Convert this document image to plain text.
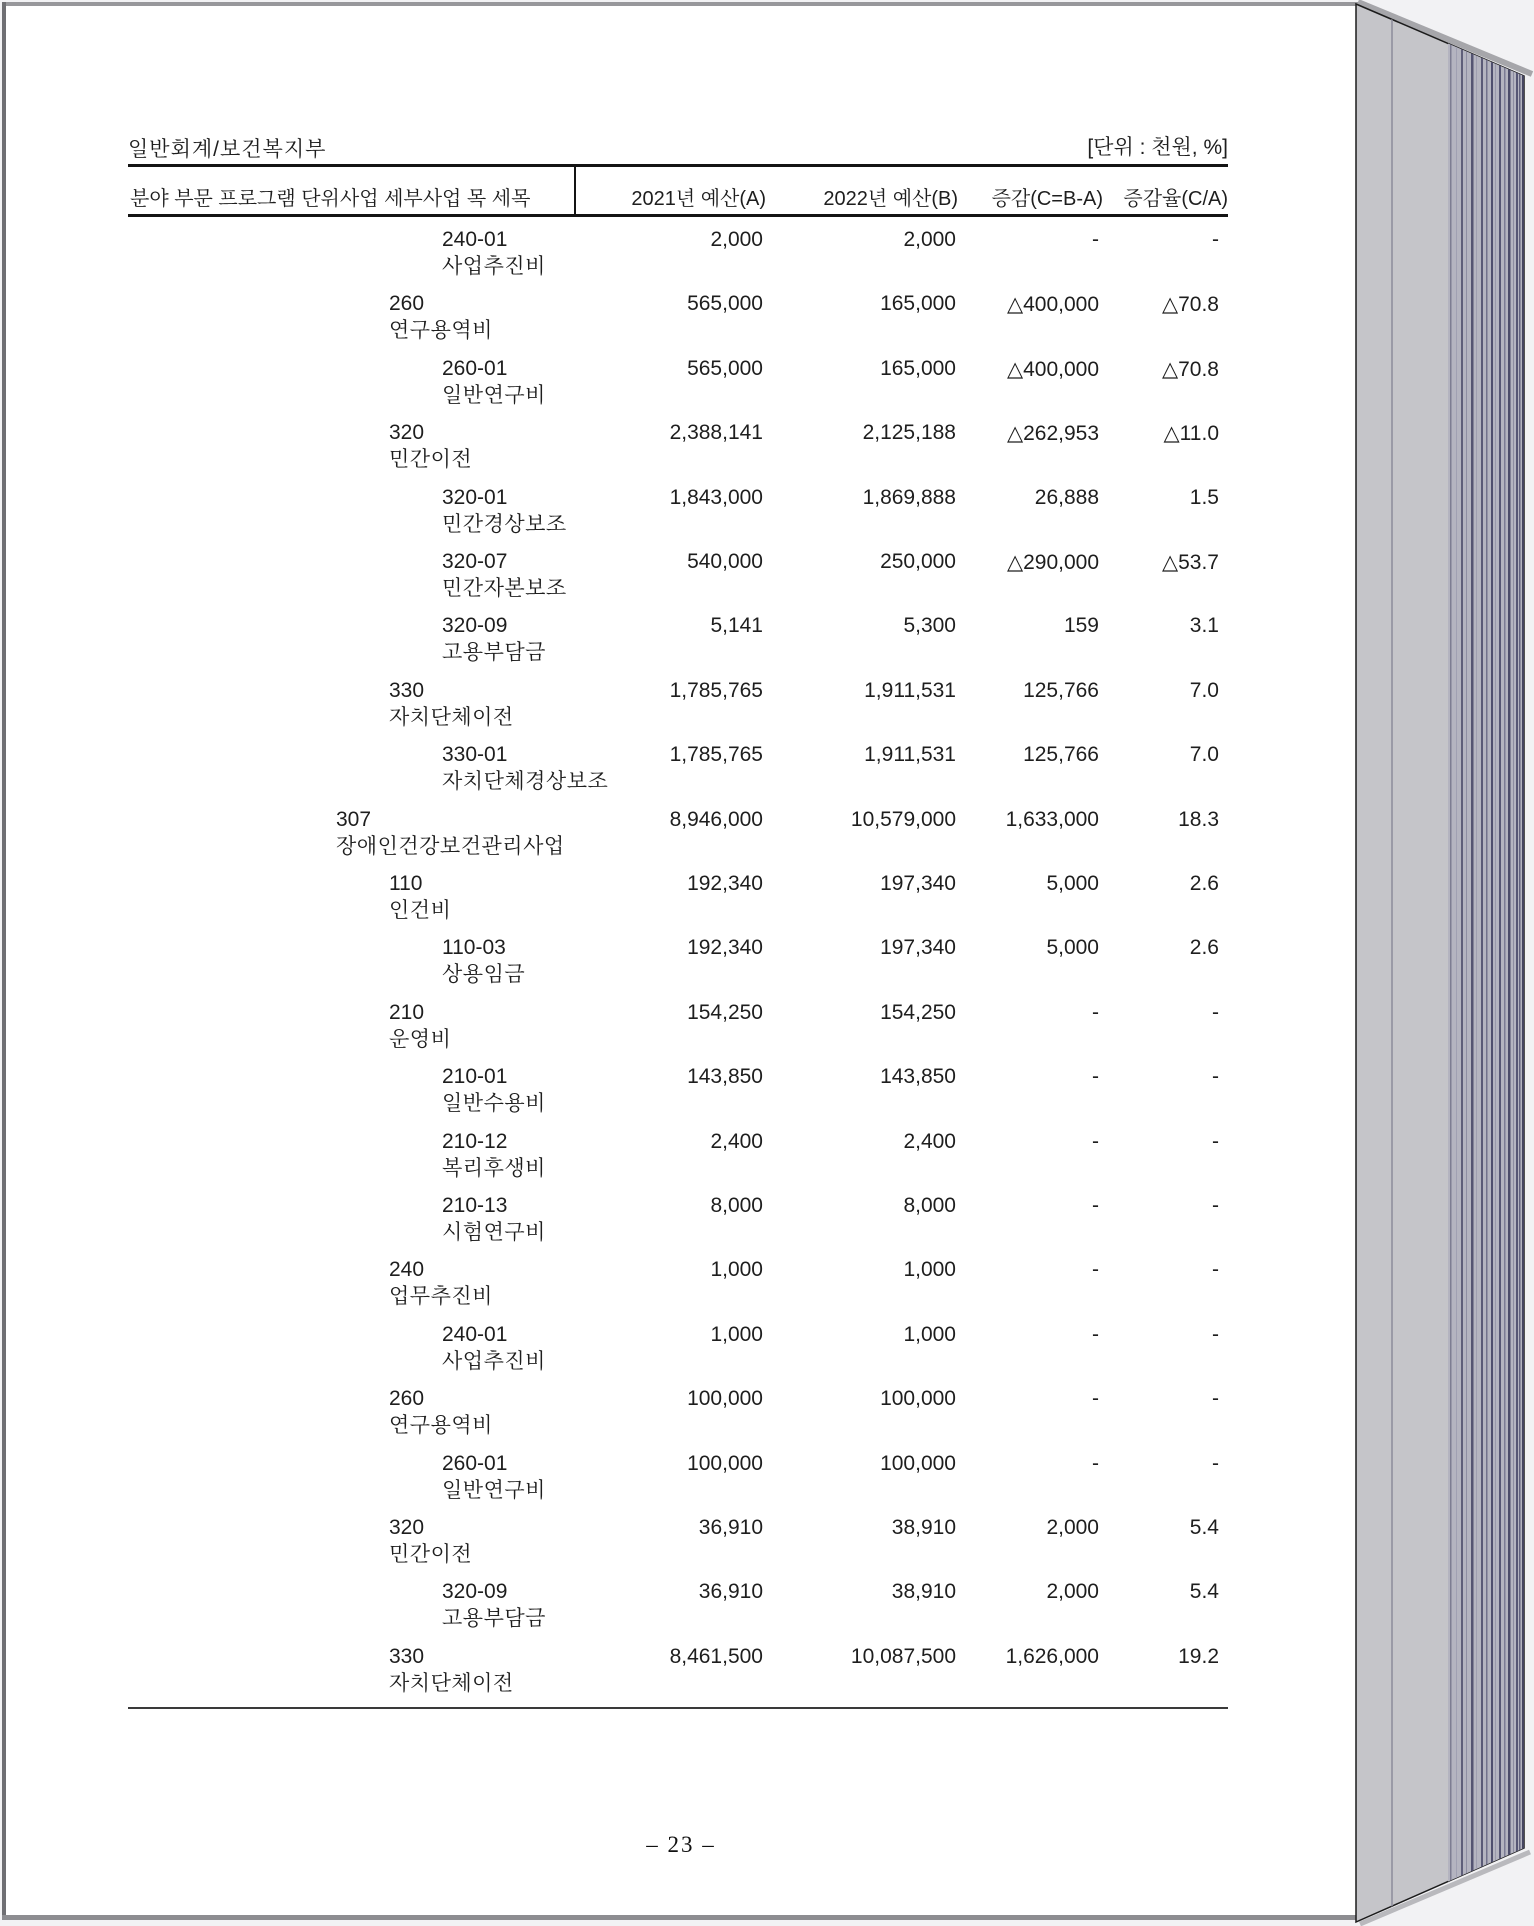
일반회계/보건복지부	[단위 : 천원, %]
분야 부문 프로그램 단위사업 세부사업 목 세목	2021년 예산(A)	2022년 예산(B)	증감(C=B-A)	증감율(C/A)
240-01
사업추진비
2,000	2,000	-	-
260
연구용역비
565,000	165,000	△400,000	△70.8
260-01
일반연구비
565,000	165,000	△400,000	△70.8
320
민간이전
2,388,141	2,125,188	△262,953	△11.0
320-01
민간경상보조
1,843,000	1,869,888	26,888	1.5
320-07
민간자본보조
540,000	250,000	△290,000	△53.7
320-09
고용부담금
5,141	5,300	159	3.1
330
자치단체이전
1,785,765	1,911,531	125,766	7.0
330-01
자치단체경상보조
1,785,765	1,911,531	125,766	7.0
307
장애인건강보건관리사업
8,946,000	10,579,000	1,633,000	18.3
110
인건비
192,340	197,340	5,000	2.6
110-03
상용임금
192,340	197,340	5,000	2.6
210
운영비
154,250	154,250	-	-
210-01
일반수용비
143,850	143,850	-	-
210-12
복리후생비
2,400	2,400	-	-
210-13
시험연구비
8,000	8,000	-	-
240
업무추진비
1,000	1,000	-	-
240-01
사업추진비
1,000	1,000	-	-
260
연구용역비
100,000	100,000	-	-
260-01
일반연구비
100,000	100,000	-	-
320
민간이전
36,910	38,910	2,000	5.4
320-09
고용부담금
36,910	38,910	2,000	5.4
330
자치단체이전
8,461,500	10,087,500	1,626,000	19.2
– 23 –
